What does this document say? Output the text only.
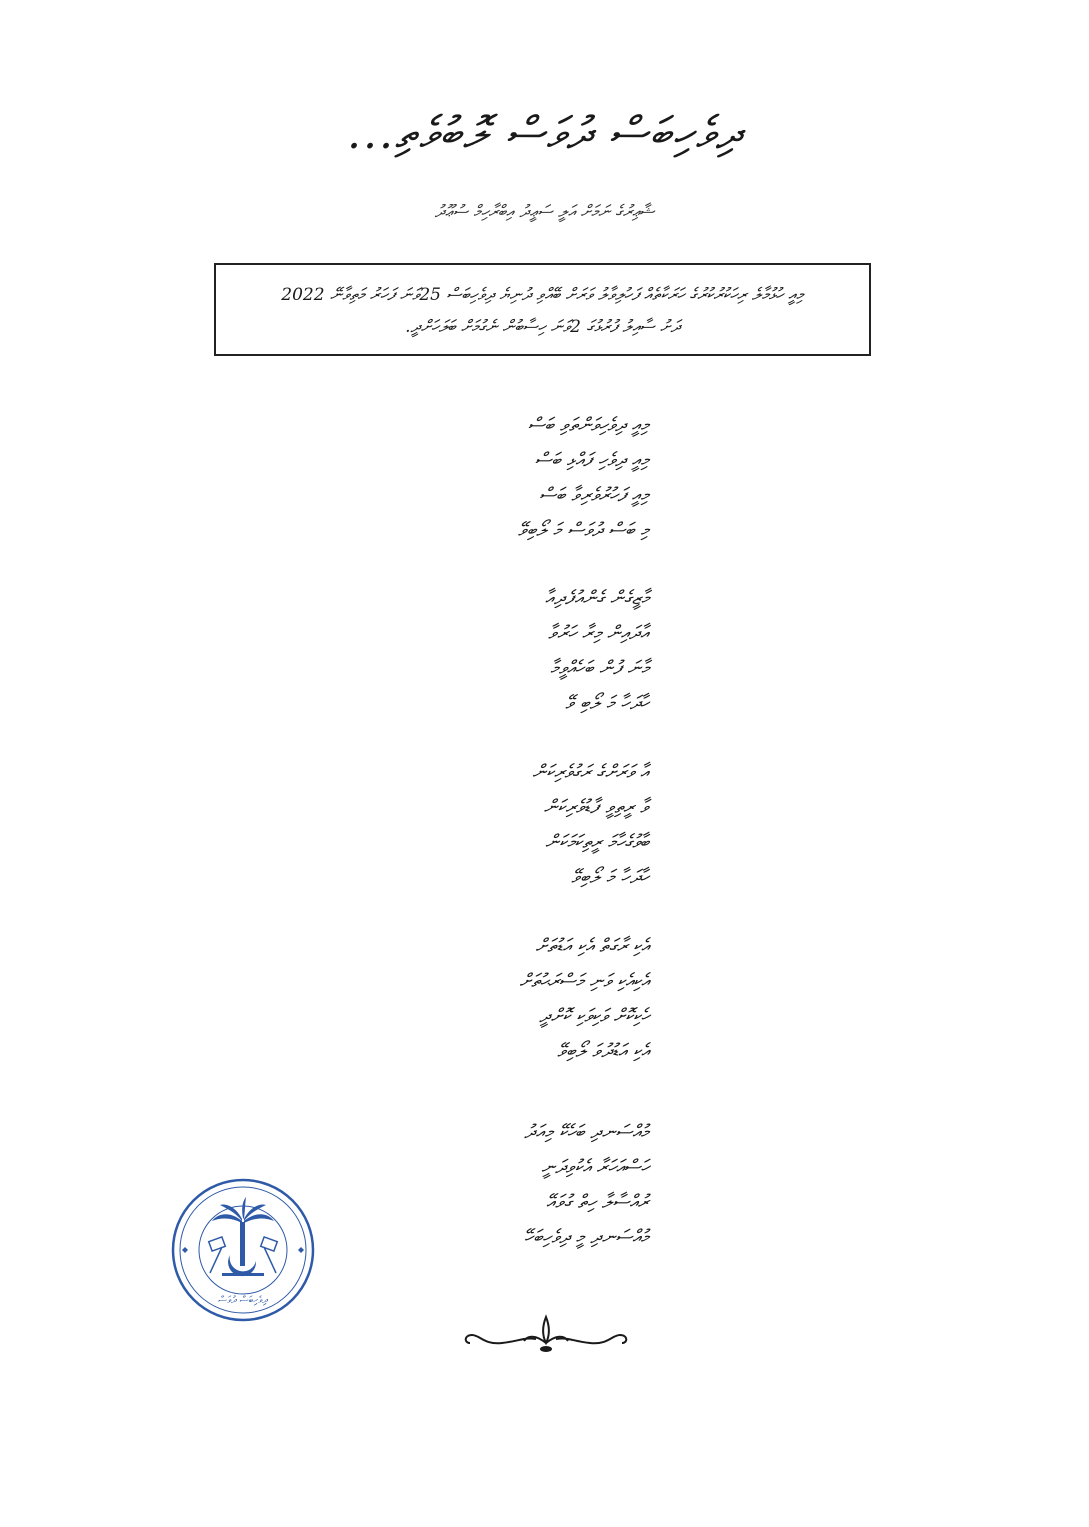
ދިވެހިބަސް ދުވަސް ލޮބުވެތި...
ޝާޢިރުގެ ނަމަށް އަލީ ސަޢީދު އިބްރާހިމް ސުޢޫދު
މިއީ ހުޅުމާލެ ރިހަކުރުކުރުގެ ހަރަކާތެއް ފަހުލިވާލު ވަރަށް ބޭއްވި ދުނިޔެ ދިވެހިބަސް 25ވަނަ ފަހަރު މަތިވާނޭ 2022
ދަށު ސާއިލު ފުރުޅުގަ 2ވަނަ ހިސާބުން ނެގުމަށް ބަލަހަށްދީ.
މިއީ ދިވެހިވަންތަވި ބަސް
މިއީ ދިވެހި ފައްޅި ބަސް
މިއީ ފަހުރުވެރިވާ ބަސް
މި ބަސް ދުވަސް މަ ލޯބިވޭ
މާޒީގެން ގެންއުފެދިއާ
އާދައިން މިރާ ހަރުވާ
މާނަ ފުން ބަހެއްވީމާ
ހާދަހާ މަ ލޯބި ވޭ
އާ ވަރަށްގެ ރަގުވެރިކަން
ވާ ރީތިވީ ފާޑުވެރިކަން
ބާވުގެހާމަ ރީތިކަމަކަން
ހާދަހާ މަ ލޯބިވޭ
އެކި ރާގަތް އެކި އަޑުތަށް
އެކިއެކި ވަނި މަސްރަޙުތަށް
ހެކިކޮށް ވަކިވަކި ކޮށްދީ
އެކި އަޑުދުވަ ލޯބިވޭ
މުއްސަނދި ބަހެކޭ މިއަދު
ހަސްއަހަރާ އެކުވިދަނީ
ރުއްސާލާ ހިތް ގުވައޭ
މުއްސަނދި މީ ދިވެހިބަހޭ
ދިވެހިބަސް ދުވަސް
